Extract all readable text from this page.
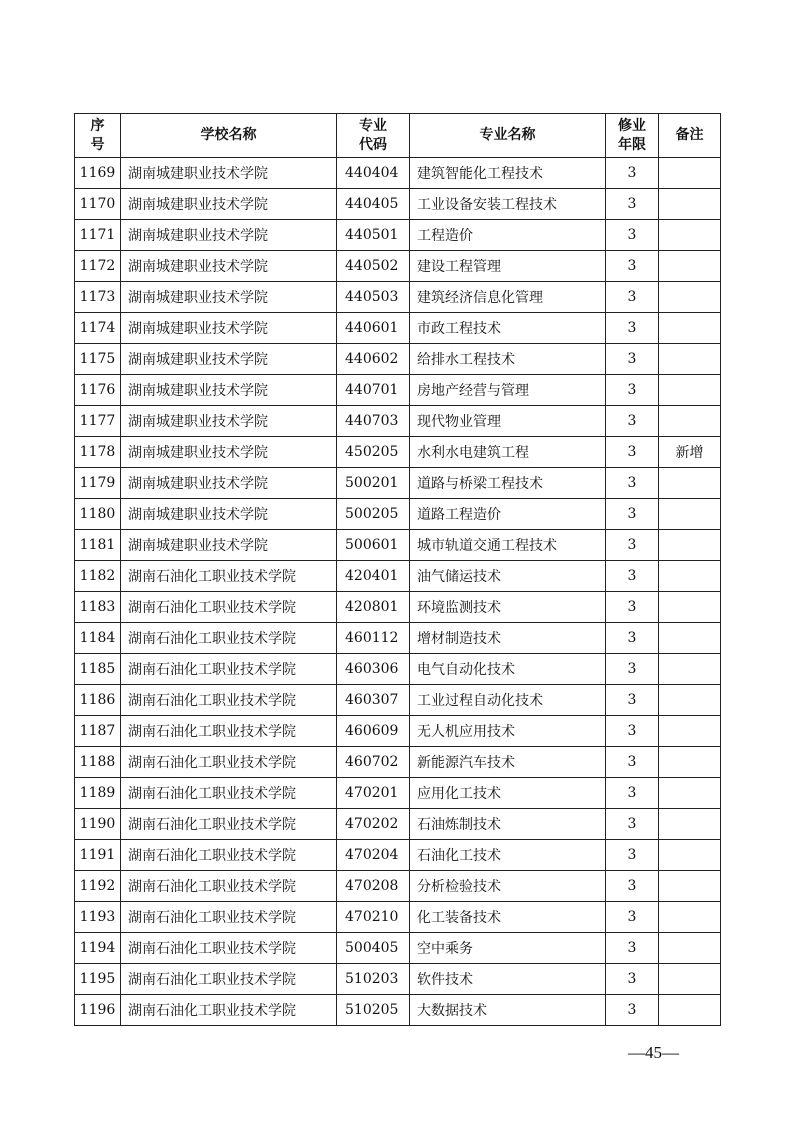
序号	学校名称	专业代码	专业名称	修业年限	备注
1169	湖南城建职业技术学院	440404	建筑智能化工程技术	3	
1170	湖南城建职业技术学院	440405	工业设备安装工程技术	3	
1171	湖南城建职业技术学院	440501	工程造价	3	
1172	湖南城建职业技术学院	440502	建设工程管理	3	
1173	湖南城建职业技术学院	440503	建筑经济信息化管理	3	
1174	湖南城建职业技术学院	440601	市政工程技术	3	
1175	湖南城建职业技术学院	440602	给排水工程技术	3	
1176	湖南城建职业技术学院	440701	房地产经营与管理	3	
1177	湖南城建职业技术学院	440703	现代物业管理	3	
1178	湖南城建职业技术学院	450205	水利水电建筑工程	3	新增
1179	湖南城建职业技术学院	500201	道路与桥梁工程技术	3	
1180	湖南城建职业技术学院	500205	道路工程造价	3	
1181	湖南城建职业技术学院	500601	城市轨道交通工程技术	3	
1182	湖南石油化工职业技术学院	420401	油气储运技术	3	
1183	湖南石油化工职业技术学院	420801	环境监测技术	3	
1184	湖南石油化工职业技术学院	460112	增材制造技术	3	
1185	湖南石油化工职业技术学院	460306	电气自动化技术	3	
1186	湖南石油化工职业技术学院	460307	工业过程自动化技术	3	
1187	湖南石油化工职业技术学院	460609	无人机应用技术	3	
1188	湖南石油化工职业技术学院	460702	新能源汽车技术	3	
1189	湖南石油化工职业技术学院	470201	应用化工技术	3	
1190	湖南石油化工职业技术学院	470202	石油炼制技术	3	
1191	湖南石油化工职业技术学院	470204	石油化工技术	3	
1192	湖南石油化工职业技术学院	470208	分析检验技术	3	
1193	湖南石油化工职业技术学院	470210	化工装备技术	3	
1194	湖南石油化工职业技术学院	500405	空中乘务	3	
1195	湖南石油化工职业技术学院	510203	软件技术	3	
1196	湖南石油化工职业技术学院	510205	大数据技术	3	
—45—
